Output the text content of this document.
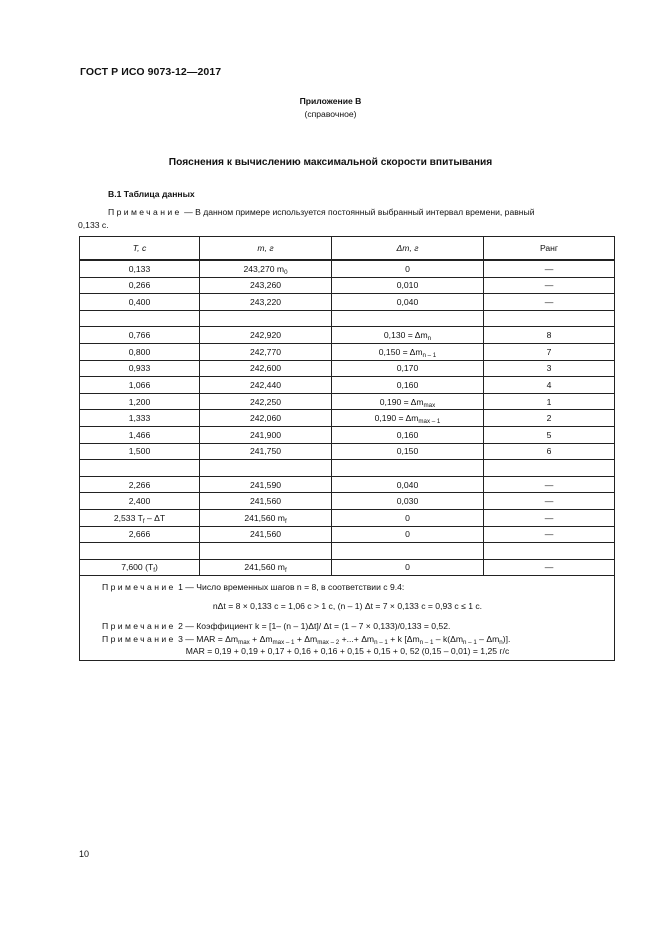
ГОСТ Р ИСО 9073-12—2017
Приложение В
(справочное)
Пояснения к вычислению максимальной скорости впитывания
В.1 Таблица данных
Примечание — В данном примере используется постоянный выбранный интервал времени, равный
0,133 с.
T, с	m, г	Δm, г	Ранг
0,133	243,270 $m_0$	0	—
0,266	243,260	0,010	—
0,400	243,220	0,040	—

0,766	242,920	$0,130 = \Delta m_n$	8
0,800	242,770	$0,150 = \Delta m_{n - 1}$	7
0,933	242,600	0,170	3
1,066	242,440	0,160	4
1,200	242,250	$0,190 = \Delta m_{max}$	1
1,333	242,060	$0,190 = \Delta m_{max - 1}$	2
1,466	241,900	0,160	5
1,500	241,750	0,150	6

2,266	241,590	0,040	—
2,400	241,560	0,030	—
2,533 $T_f$ – ΔT	241,560 $m_f$	0	—
2,666	241,560	0	—

7,600 $(T_f)$	241,560 $m_f$	0	—

Примечание 1 — Число временных шагов n = 8, в соответствии с 9.4:
nΔt = 8 × 0,133 с = 1,06 с > 1 с, (n – 1) Δt = 7 × 0,133 с = 0,93 с ≤ 1 с.
Примечание 2 — Коэффициент k = [1– (n – 1)Δt]/ Δt = (1 – 7 × 0,133)/0,133 = 0,52.
Примечание 3 — MAR = $\Delta m_{max} + \Delta m_{max - 1} + \Delta m_{max - 2}$ +...+ $\Delta m_{n - 1} + k$ $[\Delta m_{n - 1} - k(\Delta m_{n - 1} - \Delta m_n)]$.
MAR = 0,19 + 0,19 + 0,17 + 0,16 + 0,16 + 0,15 + 0,15 + 0, 52 (0,15 – 0,01) = 1,25 г/с			
10
